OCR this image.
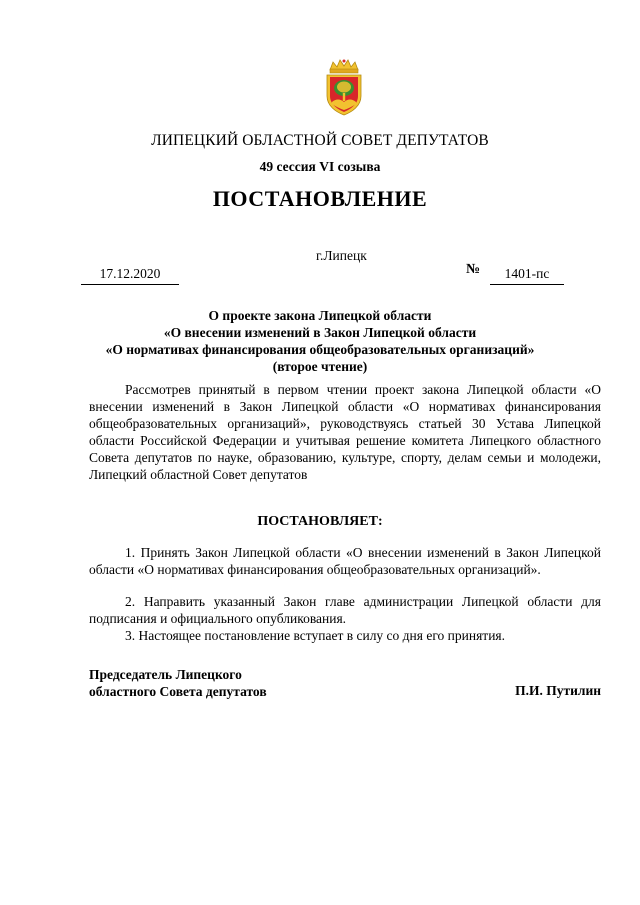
ЛИПЕЦКИЙ ОБЛАСТНОЙ СОВЕТ ДЕПУТАТОВ
49 сессия VI созыва
ПОСТАНОВЛЕНИЕ
г.Липецк
17.12.2020	№	1401-пс
О проекте закона Липецкой области
«О внесении изменений в Закон Липецкой области
«О нормативах финансирования общеобразовательных организаций»
(второе чтение)
Рассмотрев принятый в первом чтении проект закона Липецкой области «О внесении изменений в Закон Липецкой области «О нормативах финансирования общеобразовательных организаций», руководствуясь статьей 30 Устава Липецкой области Российской Федерации и учитывая решение комитета Липецкого областного Совета депутатов по науке, образованию, культуре, спорту, делам семьи и молодежи, Липецкий областной Совет депутатов
ПОСТАНОВЛЯЕТ:
1. Принять Закон Липецкой области «О внесении изменений в Закон Липецкой области «О нормативах финансирования общеобразовательных организаций».
2. Направить указанный Закон главе администрации Липецкой области для подписания и официального опубликования.
3. Настоящее постановление вступает в силу со дня его принятия.
Председатель Липецкого
областного Совета депутатов	П.И. Путилин
